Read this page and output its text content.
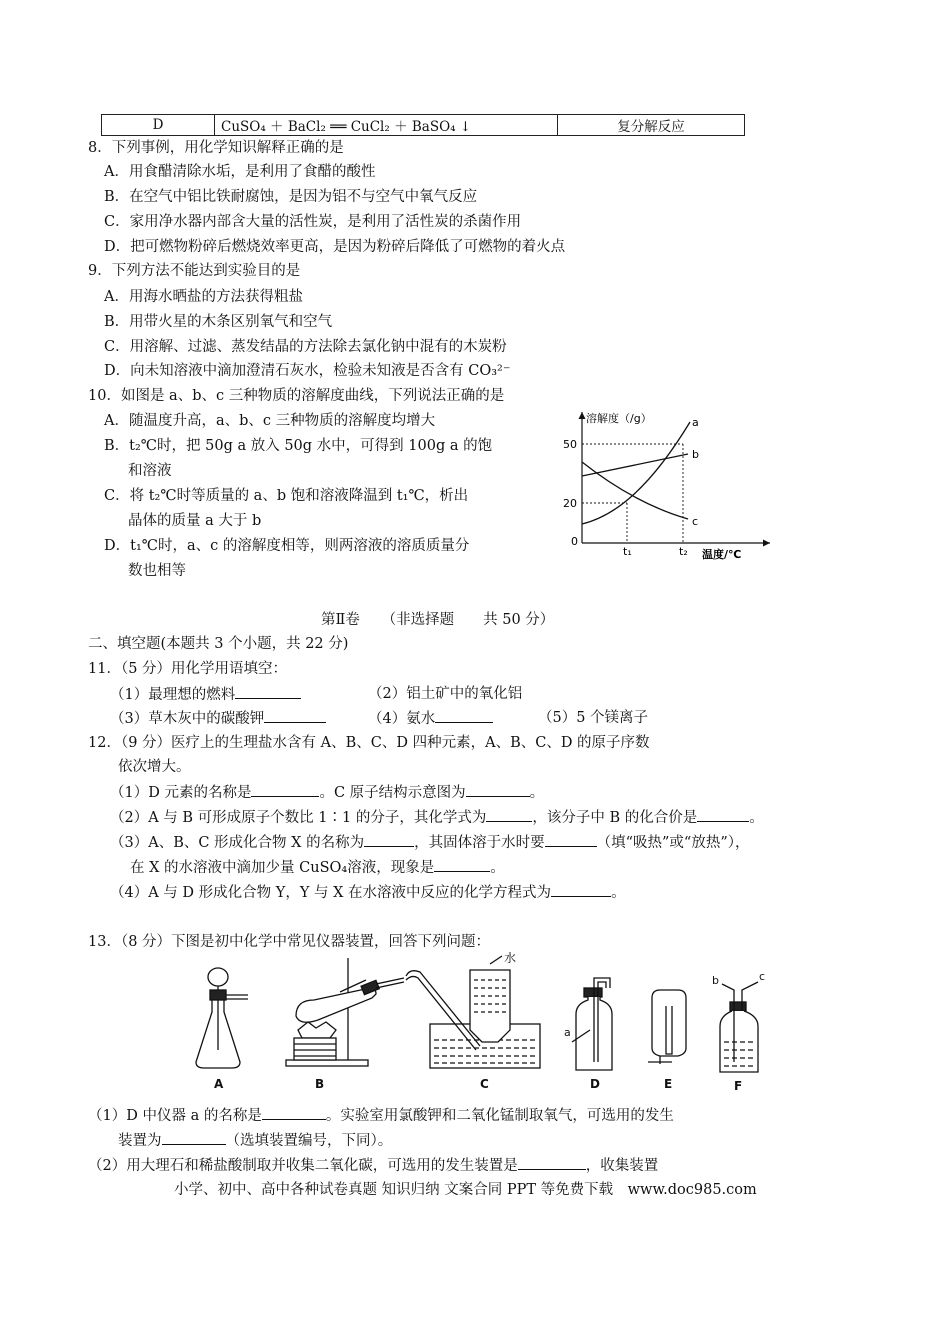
D	CuSO₄ ＋ BaCl₂ ══ CuCl₂ ＋ BaSO₄ ↓	复分解反应
8．下列事例，用化学知识解释正确的是
A．用食醋清除水垢，是利用了食醋的酸性
B．在空气中铝比铁耐腐蚀，是因为铝不与空气中氧气反应
C．家用净水器内部含大量的活性炭，是利用了活性炭的杀菌作用
D．把可燃物粉碎后燃烧效率更高，是因为粉碎后降低了可燃物的着火点
9．下列方法不能达到实验目的是
A．用海水晒盐的方法获得粗盐
B．用带火星的木条区别氧气和空气
C．用溶解、过滤、蒸发结晶的方法除去氯化钠中混有的木炭粉
D．向未知溶液中滴加澄清石灰水，检验未知液是否含有 CO₃²⁻
10．如图是 a、b、c 三种物质的溶解度曲线，下列说法正确的是
A．随温度升高，a、b、c 三种物质的溶解度均增大
B．t₂℃时，把 50g a 放入 50g 水中，可得到 100g a 的饱
和溶液
C．将 t₂℃时等质量的 a、b 饱和溶液降温到 t₁℃，析出
晶体的质量 a 大于 b
D．t₁℃时，a、c 的溶解度相等，则两溶液的溶质质量分
数也相等
溶解度（/g）
50
20
0
t₁	t₂ 温度/℃
a
b
c
第Ⅱ卷　　（非选择题　　共 50 分）
二、填空题(本题共 3 个小题，共 22 分)
11．（5 分）用化学用语填空：
（1）最理想的燃料	（2）铝土矿中的氧化铝
（3）草木灰中的碳酸钾	（4）氨水	（5）5 个镁离子
12．（9 分）医疗上的生理盐水含有 A、B、C、D 四种元素，A、B、C、D 的原子序数
依次增大。
（1）D 元素的名称是	。C 原子结构示意图为	。
（2）A 与 B 可形成原子个数比 1∶1 的分子，其化学式为	，该分子中 B 的化合价是	。
（3）A、B、C 形成化合物 X 的名称为	，其固体溶于水时要	（填“吸热”或“放热”），
在 X 的水溶液中滴加少量 CuSO₄溶液，现象是	。
（4）A 与 D 形成化合物 Y，Y 与 X 在水溶液中反应的化学方程式为	。
13．（8 分）下图是初中化学中常见仪器装置，回答下列问题：
A	B	C	D	E	F
水
a
b	c
（1）D 中仪器 a 的名称是	。实验室用氯酸钾和二氧化锰制取氧气，可选用的发生
装置为	（选填装置编号，下同）。
（2）用大理石和稀盐酸制取并收集二氧化碳，可选用的发生装置是	，收集装置
小学、初中、高中各种试卷真题 知识归纳 文案合同 PPT 等免费下载　www.doc985.com
